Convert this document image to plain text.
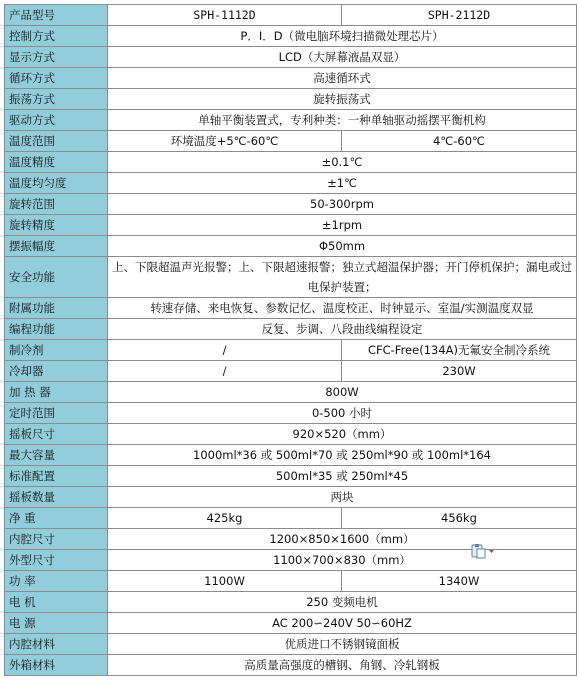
产品型号	SPH-1112D	SPH-2112D
控制方式	P．I．D（微电脑环境扫描微处理芯片）	
显示方式	LCD（大屏幕液晶双显）	
循环方式	高速循环式	
振荡方式	旋转振荡式	
驱动方式	单轴平衡装置式，专利种类：一种单轴驱动摇摆平衡机构	
温度范围	环境温度+5℃-60℃	4℃-60℃
温度精度	±0.1℃	
温度均匀度	±1℃	
旋转范围	50-300rpm	
旋转精度	±1rpm	
摆振幅度	Φ50mm	
安全功能	上、下限超温声光报警；上、下限超速报警；独立式超温保护器；开门停机保护；漏电或过电保护装置；	
附属功能	转速存储、来电恢复、参数记忆、温度校正、时钟显示、室温/实测温度双显	
编程功能	反复、步调、八段曲线编程设定	
制冷剂	/	CFC-Free(134A)无氟安全制冷系统
冷却器	/	230W
加 热 器	800W	
定时范围	0-500 小时	
摇板尺寸	920×520（mm）	
最大容量	1000ml*36 或 500ml*70 或 250ml*90 或 100ml*164	
标准配置	500ml*35 或 250ml*45	
摇板数量	两块	
净 重	425kg	456kg
内腔尺寸	1200×850×1600（mm）	
外型尺寸	1100×700×830（mm）	
功 率	1100W	1340W
电 机	250 变频电机	
电 源	AC 200∽240V 50∽60HZ	
内腔材料	优质进口不锈钢镜面板	
外箱材料	高质量高强度的槽钢、角钢、冷轧钢板	
